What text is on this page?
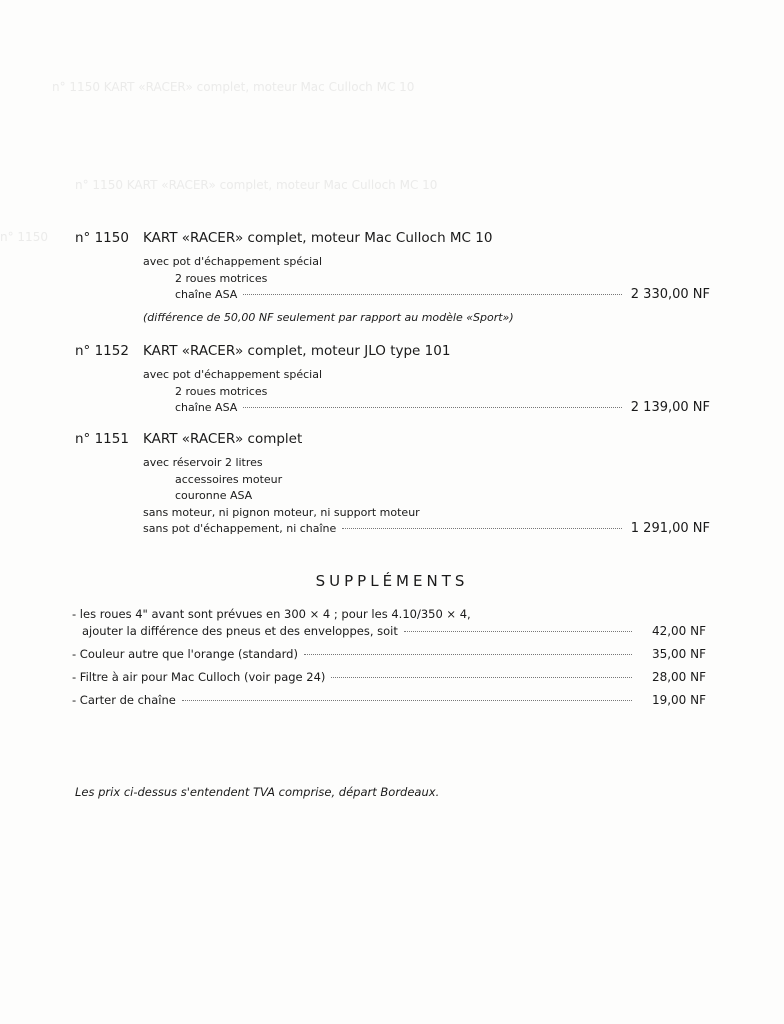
n° 1150 KART «RACER» complet, moteur Mac Culloch MC 10
n° 1150 KART «RACER» complet, moteur Mac Culloch MC 10
n° 1150 n° 1150 KART «RACER» complet, moteur Mac Culloch MC 10
avec pot d'échappement spécial
2 roues motrices
chaîne ASA	2 330,00 NF
(différence de 50,00 NF seulement par rapport au modèle «Sport»)
n° 1152 KART «RACER» complet, moteur JLO type 101
avec pot d'échappement spécial
2 roues motrices
chaîne ASA	2 139,00 NF
n° 1151 KART «RACER» complet
avec réservoir 2 litres
accessoires moteur
couronne ASA
sans moteur, ni pignon moteur, ni support moteur
sans pot d'échappement, ni chaîne	1 291,00 NF
SUPPLÉMENTS
- les roues 4" avant sont prévues en 300 × 4 ; pour les 4.10/350 × 4,
ajouter la différence des pneus et des enveloppes, soit	42,00 NF
- Couleur autre que l'orange (standard)	35,00 NF
- Filtre à air pour Mac Culloch (voir page 24)	28,00 NF
- Carter de chaîne	19,00 NF
Les prix ci-dessus s'entendent TVA comprise, départ Bordeaux.
